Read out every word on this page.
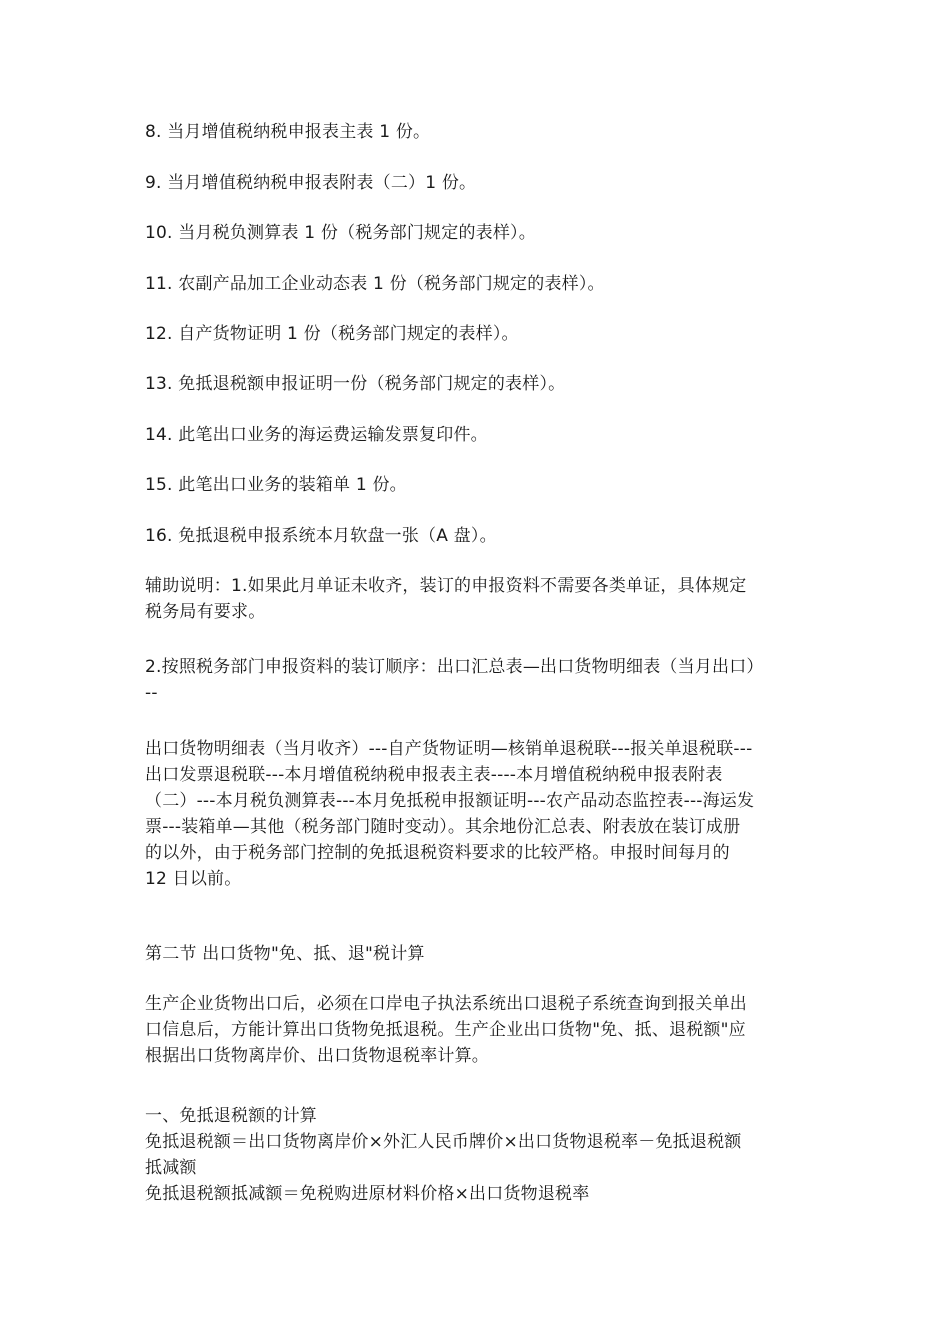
8. 当月增值税纳税申报表主表 1 份。
9. 当月增值税纳税申报表附表（二）1 份。
10. 当月税负测算表 1 份（税务部门规定的表样）。
11. 农副产品加工企业动态表 1 份（税务部门规定的表样）。
12. 自产货物证明 1 份（税务部门规定的表样）。
13. 免抵退税额申报证明一份（税务部门规定的表样）。
14. 此笔出口业务的海运费运输发票复印件。
15. 此笔出口业务的装箱单 1 份。
16. 免抵退税申报系统本月软盘一张（A 盘）。
辅助说明：1.如果此月单证未收齐，装订的申报资料不需要各类单证，具体规定
税务局有要求。
2.按照税务部门申报资料的装订顺序：出口汇总表—出口货物明细表（当月出口）
--
出口货物明细表（当月收齐）---自产货物证明—核销单退税联---报关单退税联---
出口发票退税联---本月增值税纳税申报表主表----本月增值税纳税申报表附表
（二）---本月税负测算表---本月免抵税申报额证明---农产品动态监控表---海运发
票---装箱单—其他（税务部门随时变动）。其余地份汇总表、附表放在装订成册
的以外，由于税务部门控制的免抵退税资料要求的比较严格。申报时间每月的
12 日以前。
第二节 出口货物"免、抵、退"税计算
生产企业货物出口后，必须在口岸电子执法系统出口退税子系统查询到报关单出
口信息后，方能计算出口货物免抵退税。生产企业出口货物"免、抵、退税额"应
根据出口货物离岸价、出口货物退税率计算。
一、免抵退税额的计算
免抵退税额＝出口货物离岸价×外汇人民币牌价×出口货物退税率－免抵退税额
抵减额
免抵退税额抵减额＝免税购进原材料价格×出口货物退税率
